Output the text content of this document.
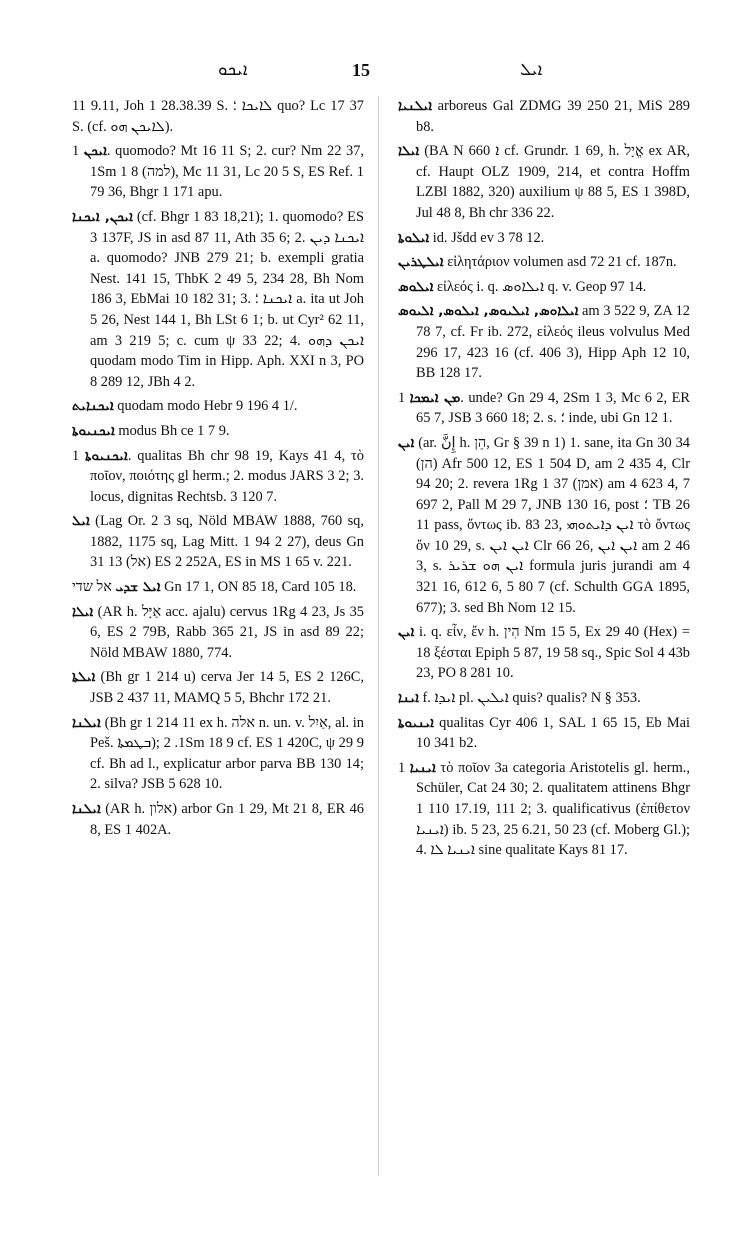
ܐܝܟܘ	15	ܐܝܠ

11 9.11, Joh 1 28.38.39 S. ܠܐܝܟܐ ؛ quo? Lc 17 37 S. (cf. ܠܐܝܟܢ ܗܘ).

ܐܝܟܢ 1. quomodo? Mt 16 11 S; 2. cur? Nm 22 37, 1Sm 1 8 (למה), Mc 11 31, Lc 20 5 S, ES Ref. 1 79 36, Bhgr 1 171 apu.

ܐܝܟܢ, ܐܝܟܢܐ (cf. Bhgr 1 83 18,21); 1. quomodo? ES 3 137F, JS in asd 87 11, Ath 35 6; 2. ܐܝܟܢܐ ܕܝܢ a. quomodo? JNB 279 21; b. exempli gratia Nest. 141 15, ThbK 2 49 5, 234 28, Bh Nom 186 3, EbMai 10 182 31; 3. ܐܝܟܢܐ ؛ a. ita ut Joh 5 26, Nest 144 1, Bh LSt 6 1; b. ut Cyr² 62 11, am 3 219 5; c. cum ψ 33 22; 4. ܐܝܟܢ ܕܗܘ quodam modo Tim in Hipp. Aph. XXI n 3, PO 8 289 12, JBh 4 2.

ܐܝܟܢܐܝܬ quodam modo Hebr 9 196 4 1/.

ܐܝܟܢܝܘܬܐ modus Bh ce 1 7 9.

ܐܝܟܢܝܘܬܐ 1. qualitas Bh chr 98 19, Kays 41 4, τὸ ποῖον, ποιότης gl herm.; 2. modus JARS 3 2; 3. locus, dignitas Rechtsb. 3 120 7.

ܐܝܠ (Lag Or. 2 3 sq, Nöld MBAW 1888, 760 sq, 1882, 1175 sq, Lag Mitt. 1 94 2 27), deus Gn 31 13 (אל) ES 2 252A, ES in MS 1 65 v. 221.

ܐܝܠ ܫܕܝ אל שדי Gn 17 1, ON 85 18, Card 105 18.

ܐܝܠܐ (AR h. אַיָּל acc. ajalu) cervus 1Rg 4 23, Js 35 6, ES 2 79B, Rabb 365 21, JS in asd 89 22; Nöld MBAW 1880, 774.

ܐܝܠܬܐ (Bh gr 1 214 u) cerva Jer 14 5, ES 2 126C, JSB 2 437 11, MAMQ 5 5, Bhchr 172 21.

ܐܝܠܢܐ (Bh gr 1 214 11 ex h. אלה n. un. v. אַיִל, al. in Peš. ܒܛܡܬܐ); 1. 2Sm 18 9 cf. ES 1 420C, ψ 29 9 cf. Bh ad l., explicatur arbor parva BB 130 14; 2. silva? JSB 5 628 10.

ܐܝܠܢܐ (AR h. אלון) arbor Gn 1 29, Mt 21 8, ER 46 8, ES 1 402A.

ܐܝܠܢܝܐ arboreus Gal ZDMG 39 250 21, MiS 289 b8.

ܐܝܠܐ (BA N 660 ܐ cf. Grundr. 1 69, h. אֱיָל ex AR, cf. Haupt OLZ 1909, 214, et contra Hoffm LZBl 1882, 320) auxilium ψ 88 5, ES 1 398D, Jul 48 8, Bh chr 336 22.

ܐܝܠܘܬܐ id. Jšdd ev 3 78 12.

ܐܝܠܛܪܝܢ εἰλητάριον volumen asd 72 21 cf. 187n.

ܐܝܠܘܣ εἰλεός i. q. ܐܝܠܐܘܣ q. v. Geop 97 14.

ܐܝܠܐܘܣ, ܐܝܠܝܘܣ, ܐܝܠܘܣ, ܐܠܝܘܣ am 3 522 9, ZA 12 78 7, cf. Fr ib. 272, εἰλεός ileus volvulus Med 296 17, 423 16 (cf. 406 3), Hipp Aph 12 10, BB 128 17.

ܡܢ ܐܝܡܟܐ 1. unde? Gn 29 4, 2Sm 1 3, Mc 6 2, ER 65 7, JSB 3 660 18; 2. s. ؛ inde, ubi Gn 12 1.

ܐܝܢ (ar. إِنَّ h. הֵן, Gr § 39 n 1) 1. sane, ita Gn 30 34 (הן) Afr 500 12, ES 1 504 D, am 2 435 4, Clr 94 20; 2. revera 1Rg 1 37 (אמן) am 4 623 4, 7 697 2, Pall M 29 7, JNB 130 16, post ؛ TB 26 11 pass, ὄντως ib. 83 23, ܐܝܢ ܕܐܝܬܘܗܝ τὸ ὄντως ὄν 10 29, s. ܐܝܢ ܐܝܢ Clr 66 26, ܐܝܢ ܐܝܢ am 2 46 3, s. ܐܝܢ ܗܘ ܫܪܝܪ formula juris jurandi am 4 321 16, 612 6, 5 80 7 (cf. Schulth GGA 1895, 677); 3. sed Bh Nom 12 15.

ܐܝܢ i. q. εἶν, ἔν h. הִין Nm 15 5, Ex 29 40 (Hex) = 18 ξέσται Epiph 5 87, 19 58 sq., Spic Sol 4 43b 23, PO 8 281 10.

ܐܝܢܐ f. ܐܝܕܐ pl. ܐܝܠܝܢ quis? qualis? N § 353.

ܐܝܢܝܘܬܐ qualitas Cyr 406 1, SAL 1 65 15, Eb Mai 10 341 b2.

ܐܝܢܝܐ 1 τὸ ποῖον 3a categoria Aristotelis gl. herm., Schüler, Cat 24 30; 2. qualitatem attinens Bhgr 1 110 17.19, 111 2; 3. qualificativus (ἐπίθετον ܐܝܢܝܐ) ib. 5 23, 25 6.21, 50 23 (cf. Moberg Gl.); 4. ܐܝܢܝܐ ܠܐ sine qualitate Kays 81 17.
